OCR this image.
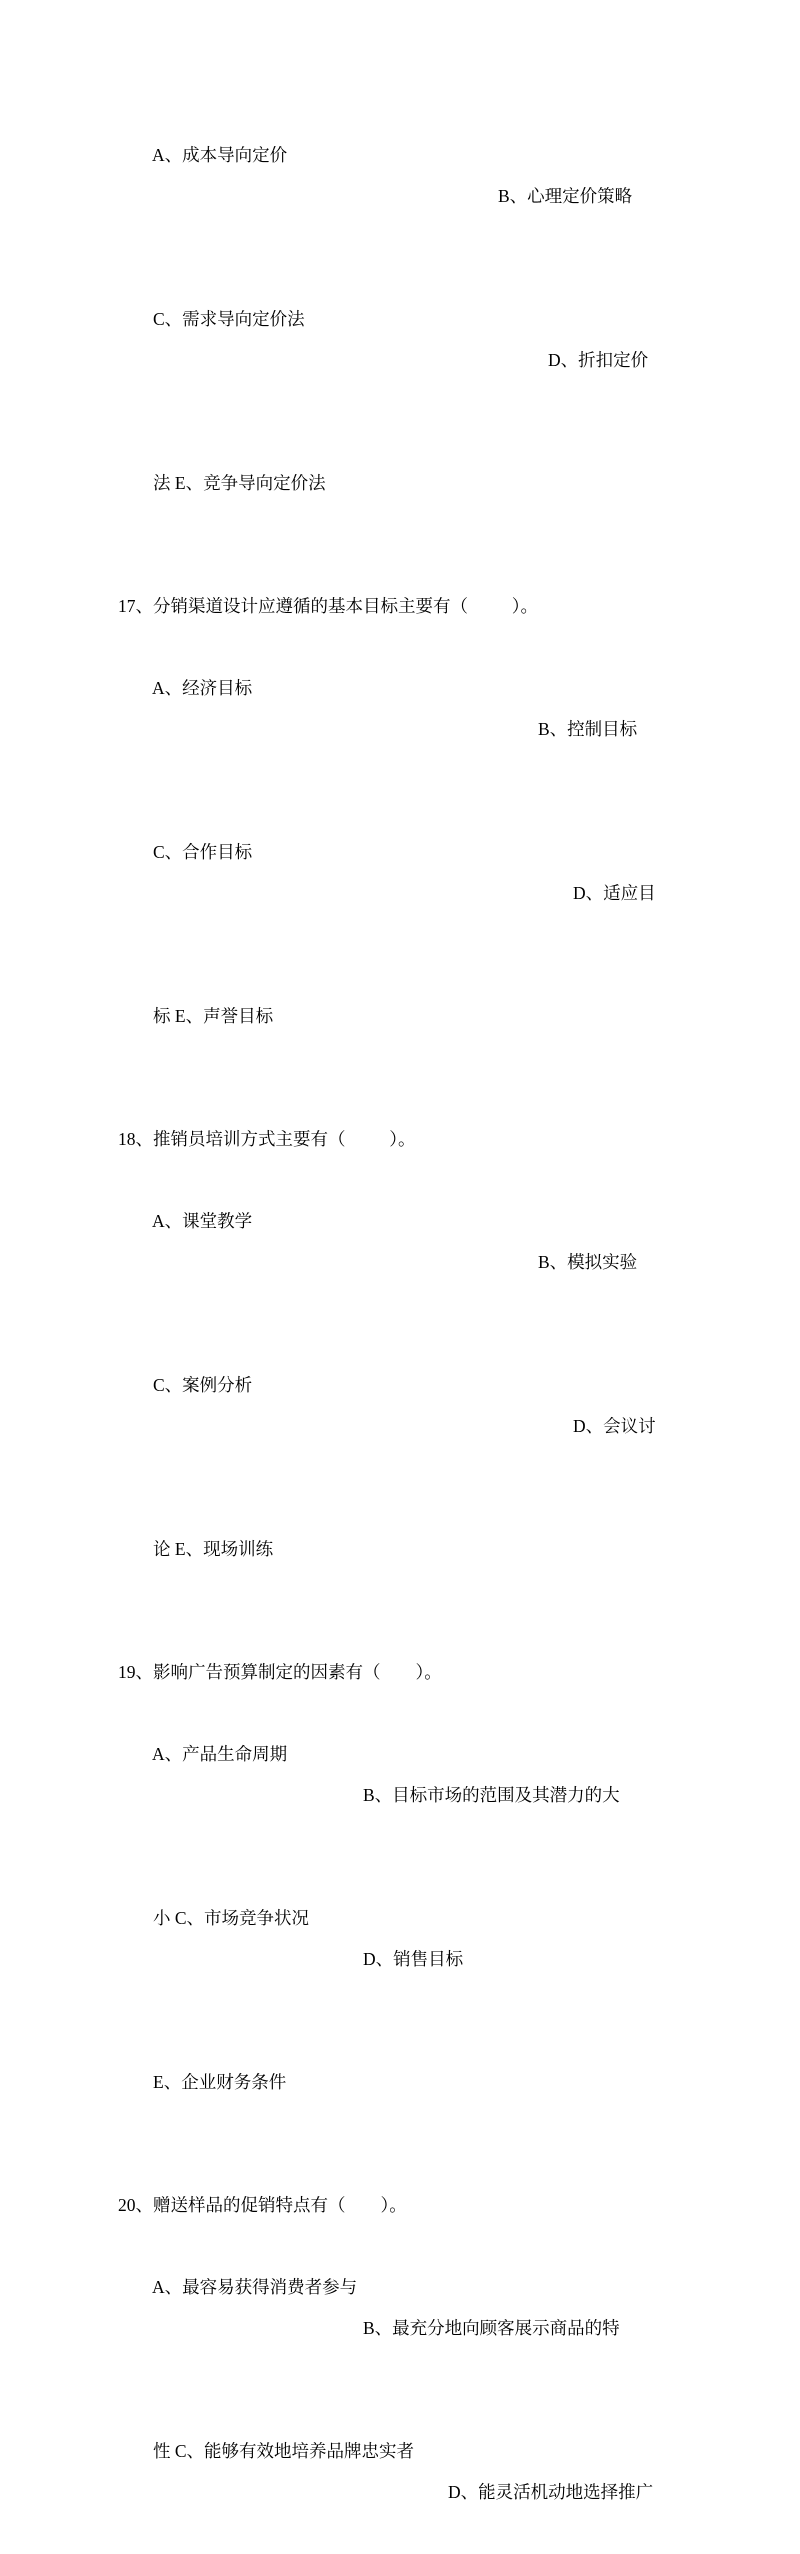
A、成本导向定价

B、心理定价策略

C、需求导向定价法

D、折扣定价

法 E、竞争导向定价法

17、分销渠道设计应遵循的基本目标主要有（          ）。

A、经济目标

B、控制目标

C、合作目标

D、适应目

标 E、声誉目标

18、推销员培训方式主要有（          ）。

A、课堂教学

B、模拟实验

C、案例分析

D、会议讨

论 E、现场训练

19、影响广告预算制定的因素有（        ）。

A、产品生命周期

B、目标市场的范围及其潜力的大

小 C、市场竞争状况

D、销售目标

E、企业财务条件

20、赠送样品的促销特点有（        ）。

A、最容易获得消费者参与

B、最充分地向顾客展示商品的特

性 C、能够有效地培养品牌忠实者

D、能灵活机动地选择推广
